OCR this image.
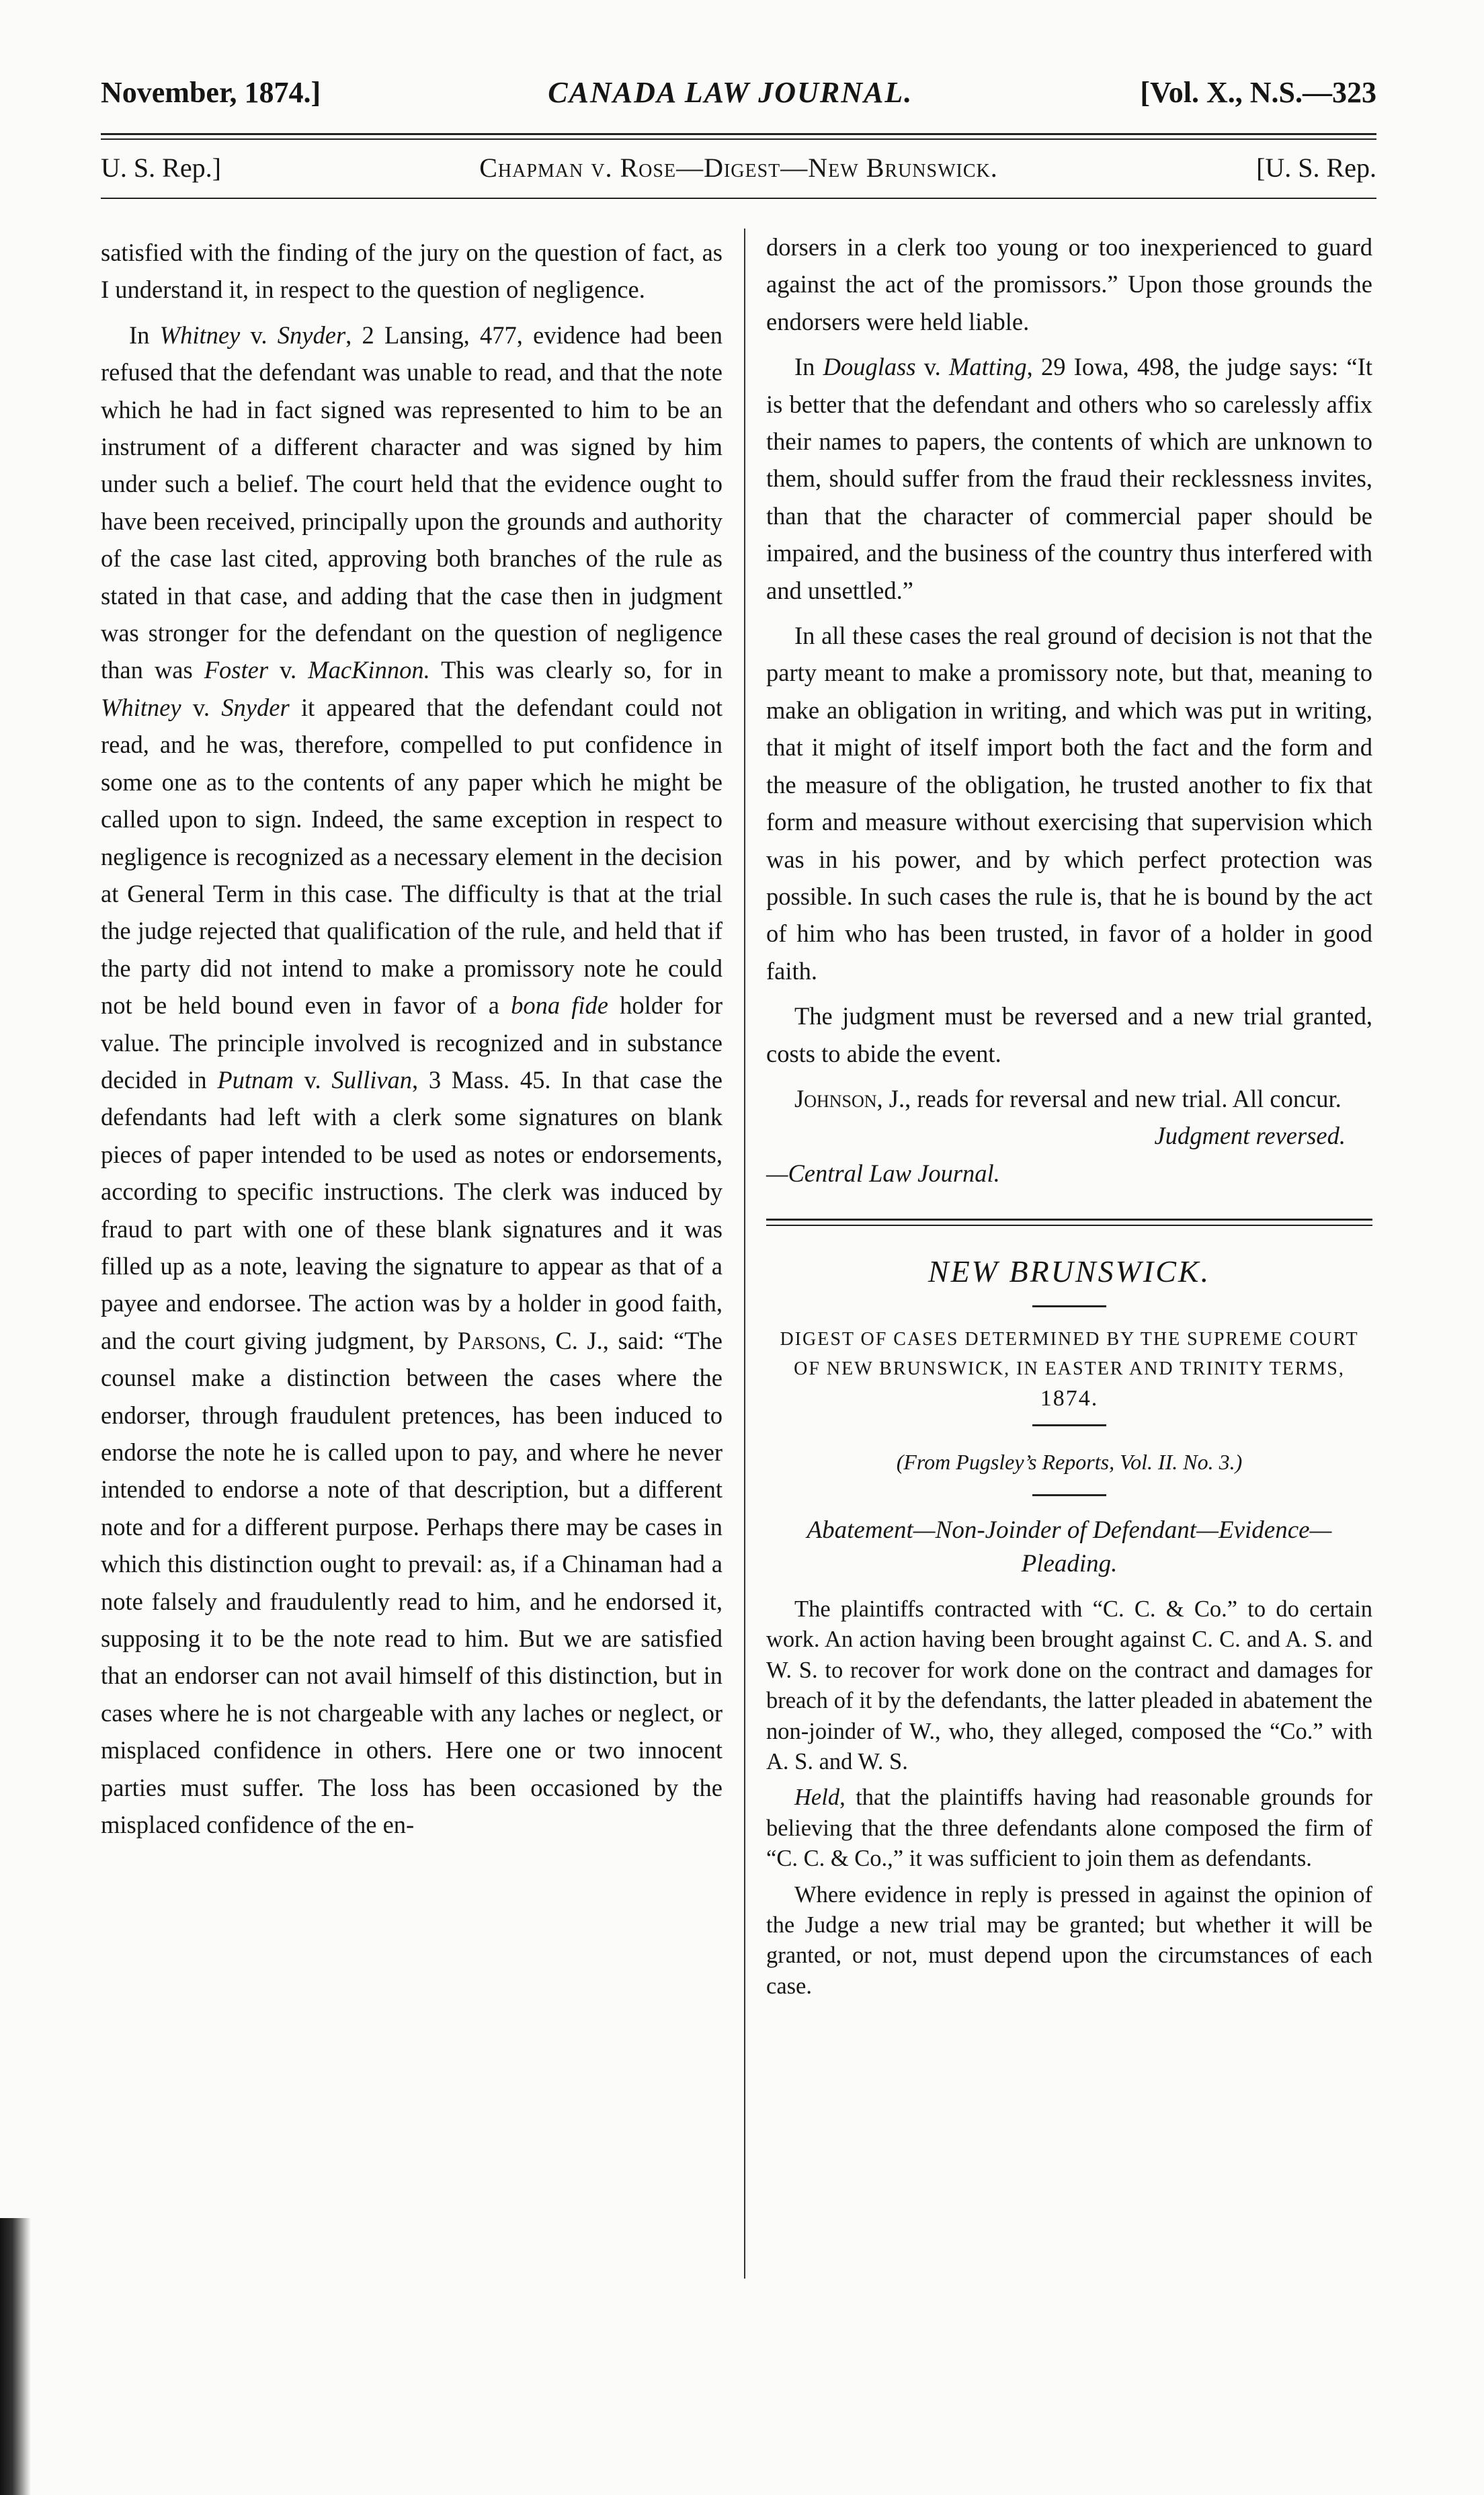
November, 1874.]	CANADA LAW JOURNAL.	[Vol. X., N.S.—323
U. S. Rep.]	Chapman v. Rose—Digest—New Brunswick.	[U. S. Rep.

satisfied with the finding of the jury on the question of fact, as I understand it, in respect to the question of negligence.

In Whitney v. Snyder, 2 Lansing, 477, evidence had been refused that the defendant was unable to read, and that the note which he had in fact signed was represented to him to be an instrument of a different character and was signed by him under such a belief. The court held that the evidence ought to have been received, principally upon the grounds and authority of the case last cited, approving both branches of the rule as stated in that case, and adding that the case then in judgment was stronger for the defendant on the question of negligence than was Foster v. MacKinnon. This was clearly so, for in Whitney v. Snyder it appeared that the defendant could not read, and he was, therefore, compelled to put confidence in some one as to the contents of any paper which he might be called upon to sign. Indeed, the same exception in respect to negligence is recognized as a necessary element in the decision at General Term in this case. The difficulty is that at the trial the judge rejected that qualification of the rule, and held that if the party did not intend to make a promissory note he could not be held bound even in favor of a bona fide holder for value. The principle involved is recognized and in substance decided in Putnam v. Sullivan, 3 Mass. 45. In that case the defendants had left with a clerk some signatures on blank pieces of paper intended to be used as notes or endorsements, according to specific instructions. The clerk was induced by fraud to part with one of these blank signatures and it was filled up as a note, leaving the signature to appear as that of a payee and endorsee. The action was by a holder in good faith, and the court giving judgment, by Parsons, C. J., said: “The counsel make a distinction between the cases where the endorser, through fraudulent pretences, has been induced to endorse the note he is called upon to pay, and where he never intended to endorse a note of that description, but a different note and for a different purpose. Perhaps there may be cases in which this distinction ought to prevail: as, if a Chinaman had a note falsely and fraudulently read to him, and he endorsed it, supposing it to be the note read to him. But we are satisfied that an endorser can not avail himself of this distinction, but in cases where he is not chargeable with any laches or neglect, or misplaced confidence in others. Here one or two innocent parties must suffer. The loss has been occasioned by the misplaced confidence of the en-

dorsers in a clerk too young or too inexperienced to guard against the act of the promissors.” Upon those grounds the endorsers were held liable.

In Douglass v. Matting, 29 Iowa, 498, the judge says: “It is better that the defendant and others who so carelessly affix their names to papers, the contents of which are unknown to them, should suffer from the fraud their recklessness invites, than that the character of commercial paper should be impaired, and the business of the country thus interfered with and unsettled.”

In all these cases the real ground of decision is not that the party meant to make a promissory note, but that, meaning to make an obligation in writing, and which was put in writing, that it might of itself import both the fact and the form and the measure of the obligation, he trusted another to fix that form and measure without exercising that supervision which was in his power, and by which perfect protection was possible. In such cases the rule is, that he is bound by the act of him who has been trusted, in favor of a holder in good faith.

The judgment must be reversed and a new trial granted, costs to abide the event.

Johnson, J., reads for reversal and new trial. All concur.

Judgment reversed.

—Central Law Journal.

NEW BRUNSWICK.
DIGEST OF CASES DETERMINED BY THE SUPREME COURT OF NEW BRUNSWICK, IN EASTER AND TRINITY TERMS, 1874.
(From Pugsley’s Reports, Vol. II. No. 3.)
Abatement—Non-Joinder of Defendant—Evidence—Pleading.

The plaintiffs contracted with “C. C. & Co.” to do certain work. An action having been brought against C. C. and A. S. and W. S. to recover for work done on the contract and damages for breach of it by the defendants, the latter pleaded in abatement the non-joinder of W., who, they alleged, composed the “Co.” with A. S. and W. S.

Held, that the plaintiffs having had reasonable grounds for believing that the three defendants alone composed the firm of “C. C. & Co.,” it was sufficient to join them as defendants.

Where evidence in reply is pressed in against the opinion of the Judge a new trial may be granted; but whether it will be granted, or not, must depend upon the circumstances of each case.
